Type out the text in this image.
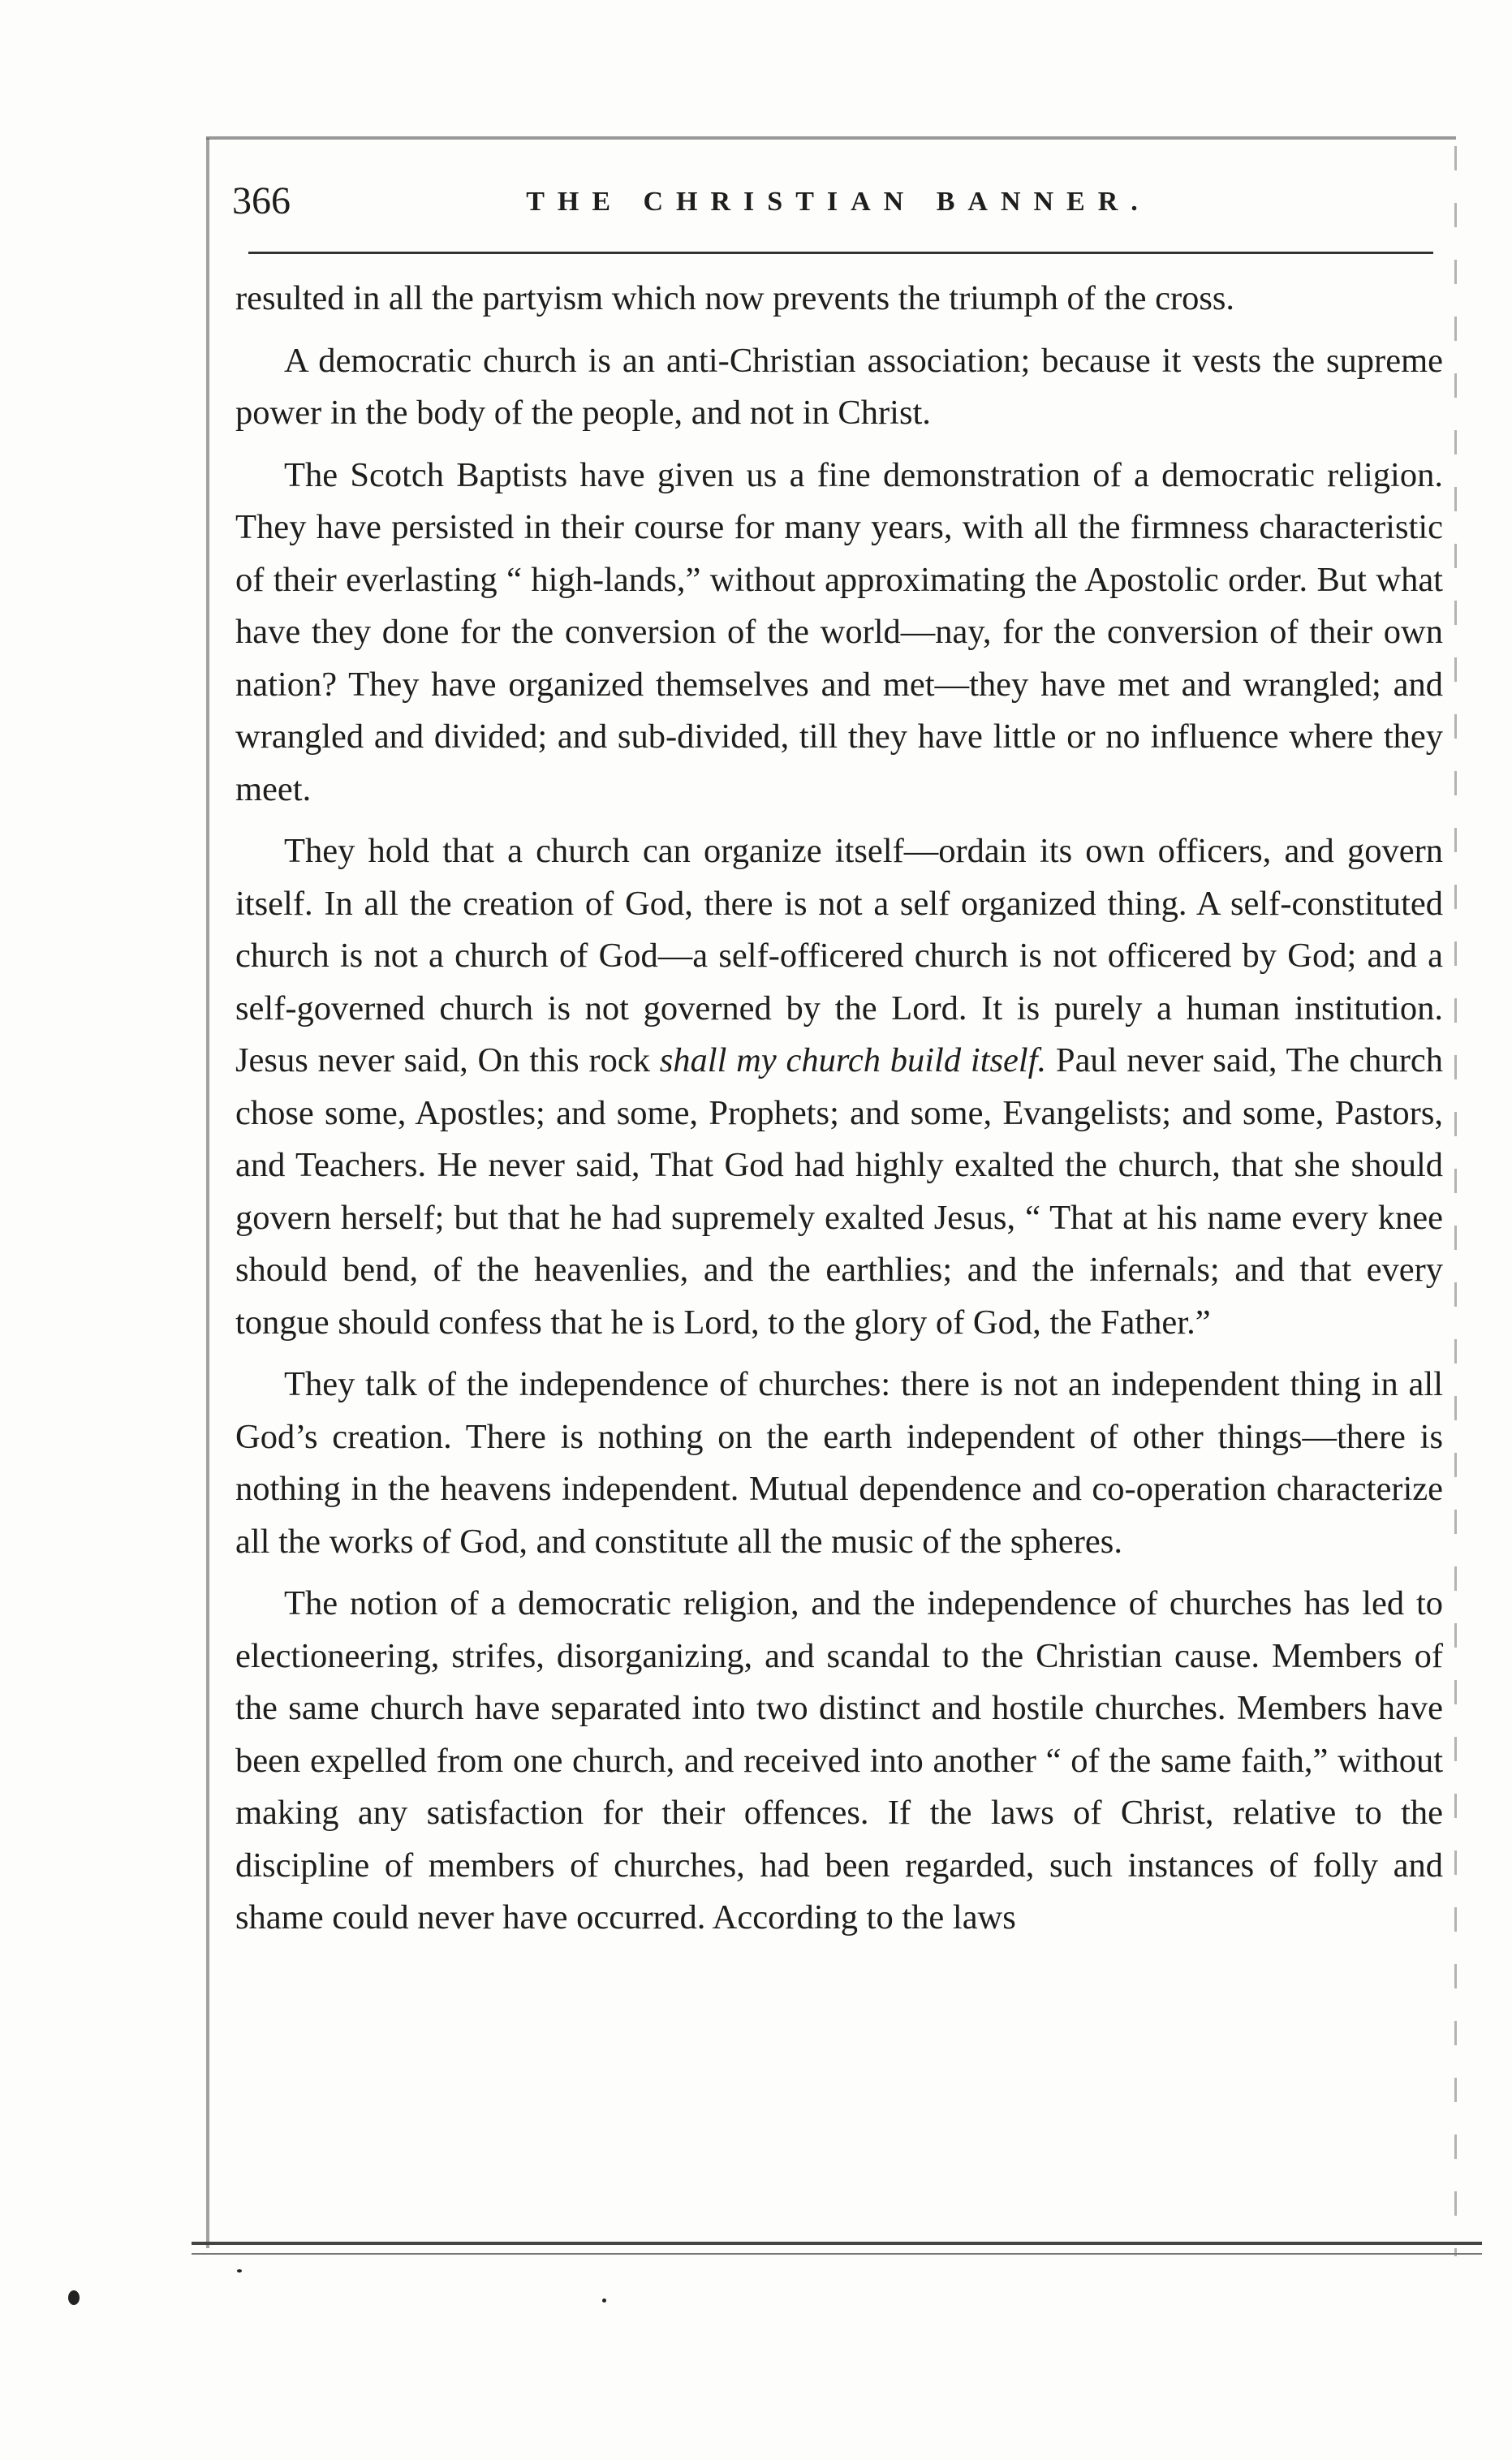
366	THE CHRISTIAN BANNER.

resulted in all the partyism which now prevents the triumph of the cross.

A democratic church is an anti-Christian association; because it vests the supreme power in the body of the people, and not in Christ.

The Scotch Baptists have given us a fine demonstration of a democratic religion. They have persisted in their course for many years, with all the firmness characteristic of their everlasting “ high-lands,” without approximating the Apostolic order. But what have they done for the conversion of the world—nay, for the conversion of their own nation? They have organized themselves and met—they have met and wrangled; and wrangled and divided; and sub-divided, till they have little or no influence where they meet.

They hold that a church can organize itself—ordain its own officers, and govern itself. In all the creation of God, there is not a self organized thing. A self-constituted church is not a church of God—a self-officered church is not officered by God; and a self-governed church is not governed by the Lord. It is purely a human institution. Jesus never said, On this rock shall my church build itself. Paul never said, The church chose some, Apostles; and some, Prophets; and some, Evangelists; and some, Pastors, and Teachers. He never said, That God had highly exalted the church, that she should govern herself; but that he had supremely exalted Jesus, “ That at his name every knee should bend, of the heavenlies, and the earthlies; and the infernals; and that every tongue should confess that he is Lord, to the glory of God, the Father.”

They talk of the independence of churches: there is not an independent thing in all God’s creation. There is nothing on the earth independent of other things—there is nothing in the heavens independent. Mutual dependence and co-operation characterize all the works of God, and constitute all the music of the spheres.

The notion of a democratic religion, and the independence of churches has led to electioneering, strifes, disorganizing, and scandal to the Christian cause. Members of the same church have separated into two distinct and hostile churches. Members have been expelled from one church, and received into another “ of the same faith,” without making any satisfaction for their offences. If the laws of Christ, relative to the discipline of members of churches, had been regarded, such instances of folly and shame could never have occurred. According to the laws
